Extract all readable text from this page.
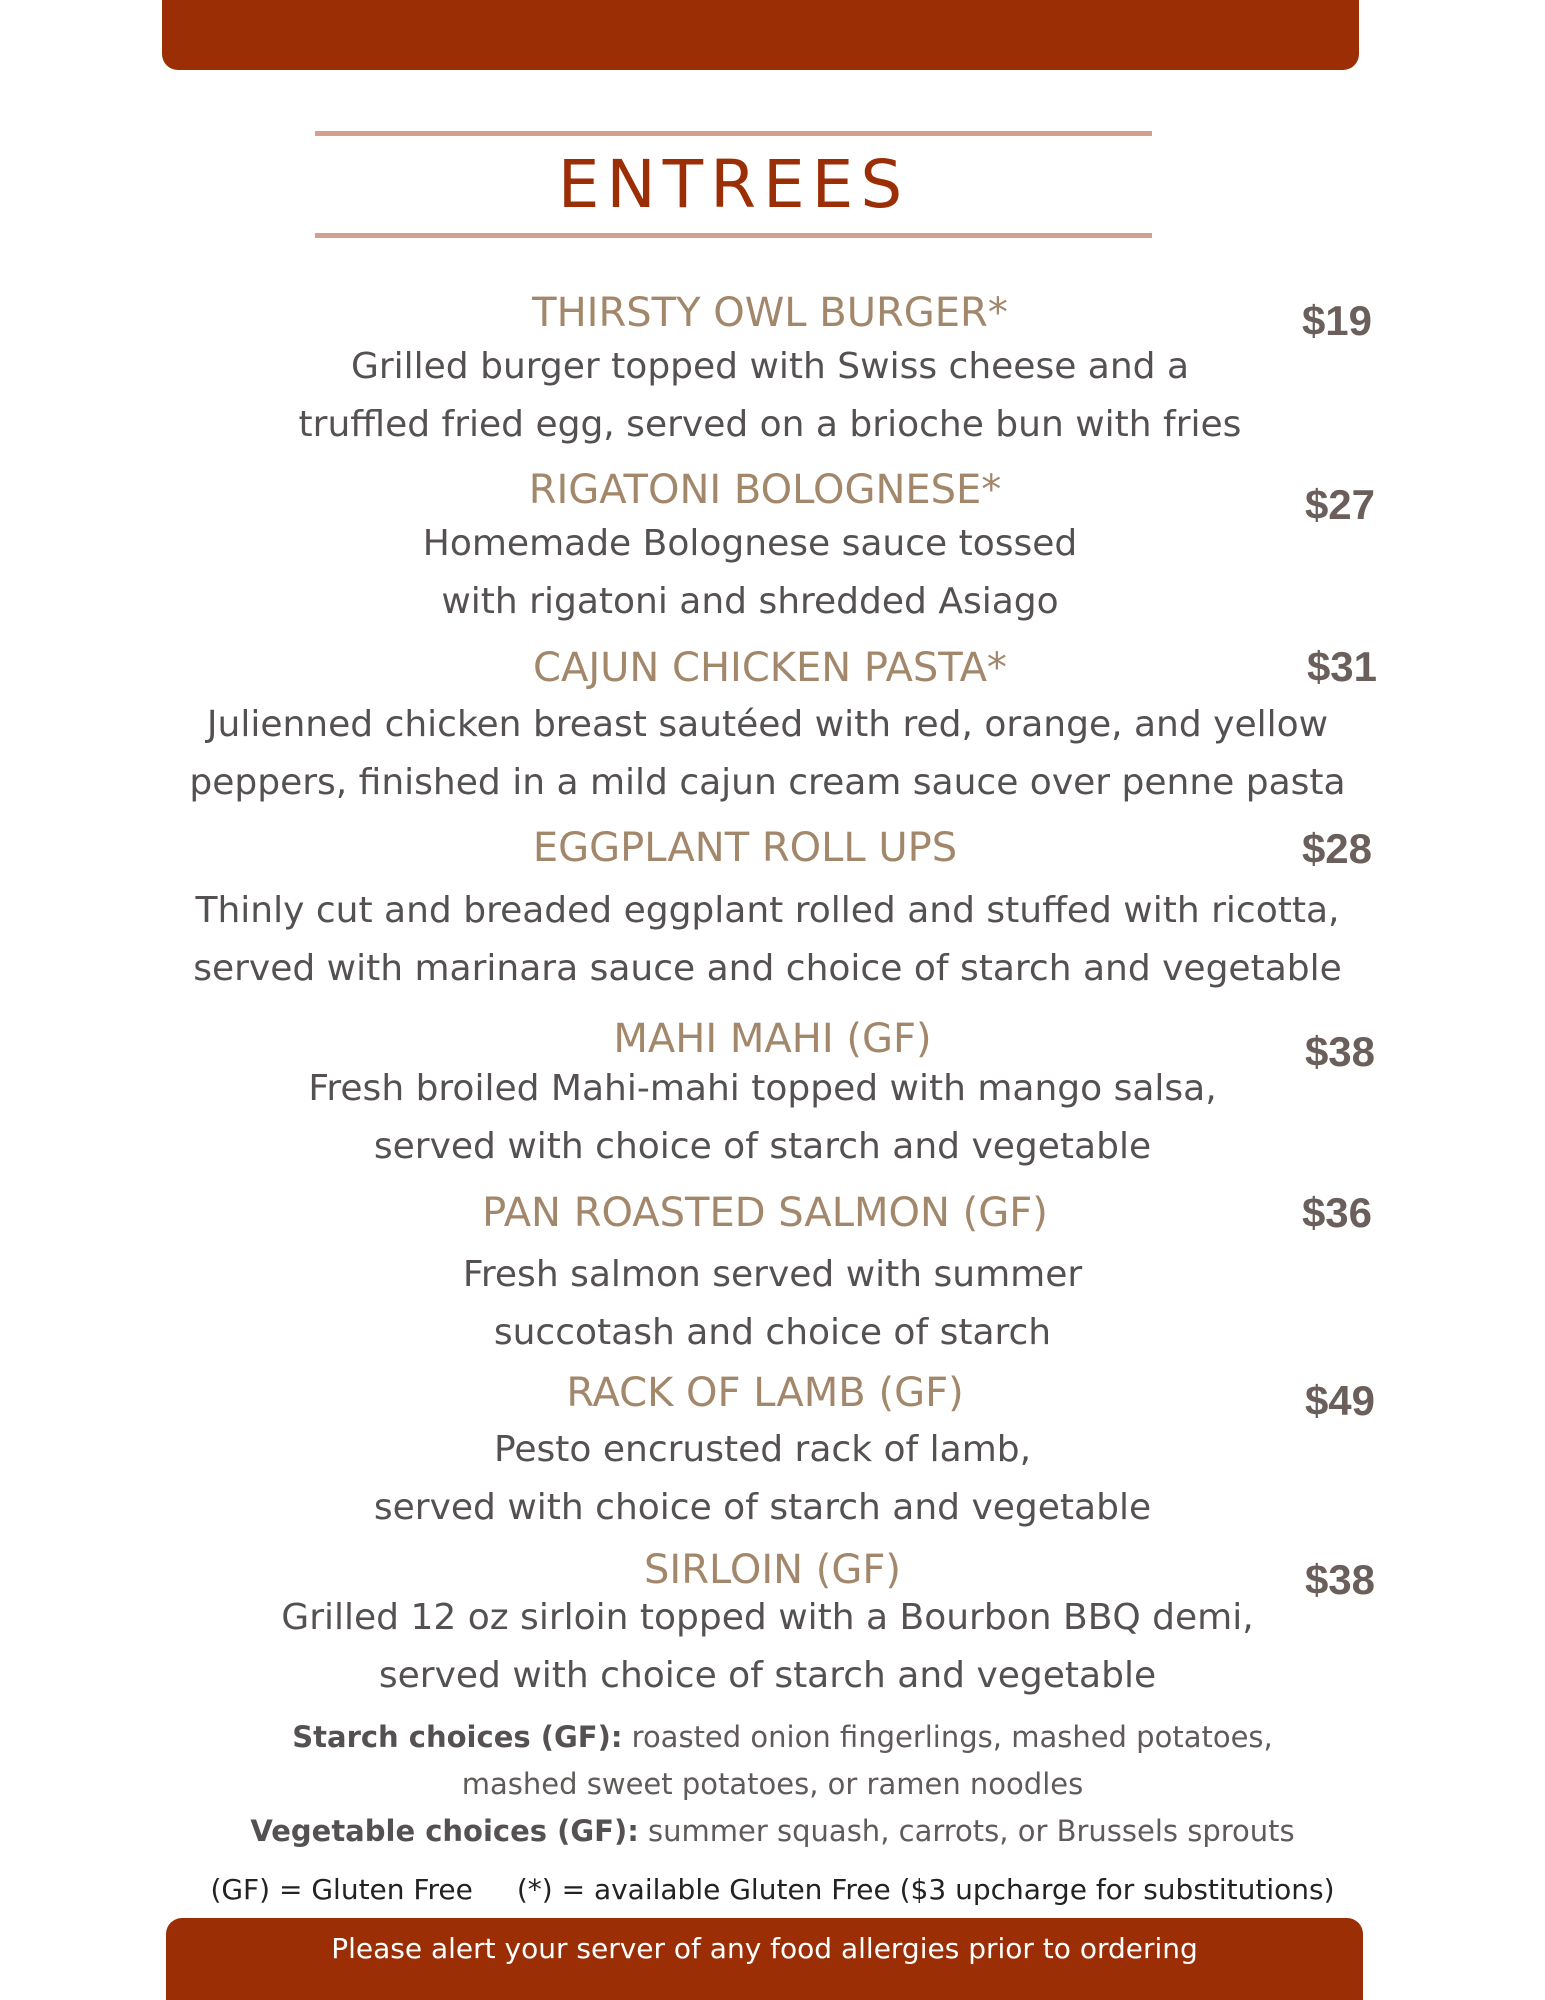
ENTREES
THIRSTY OWL BURGER*	$19
Grilled burger topped with Swiss cheese and a
truffled fried egg, served on a brioche bun with fries
RIGATONI BOLOGNESE*	$27
Homemade Bolognese sauce tossed
with rigatoni and shredded Asiago
CAJUN CHICKEN PASTA*	$31
Julienned chicken breast sautéed with red, orange, and yellow
peppers, finished in a mild cajun cream sauce over penne pasta
EGGPLANT ROLL UPS	$28
Thinly cut and breaded eggplant rolled and stuffed with ricotta,
served with marinara sauce and choice of starch and vegetable
MAHI MAHI (GF)	$38
Fresh broiled Mahi-mahi topped with mango salsa,
served with choice of starch and vegetable
PAN ROASTED SALMON (GF)	$36
Fresh salmon served with summer
succotash and choice of starch
RACK OF LAMB (GF)	$49
Pesto encrusted rack of lamb,
served with choice of starch and vegetable
SIRLOIN (GF)	$38
Grilled 12 oz sirloin topped with a Bourbon BBQ demi,
served with choice of starch and vegetable
Starch choices (GF): roasted onion fingerlings, mashed potatoes,
mashed sweet potatoes, or ramen noodles
Vegetable choices (GF): summer squash, carrots, or Brussels sprouts
(GF) = Gluten Free (*) = available Gluten Free ($3 upcharge for substitutions)
Please alert your server of any food allergies prior to ordering
